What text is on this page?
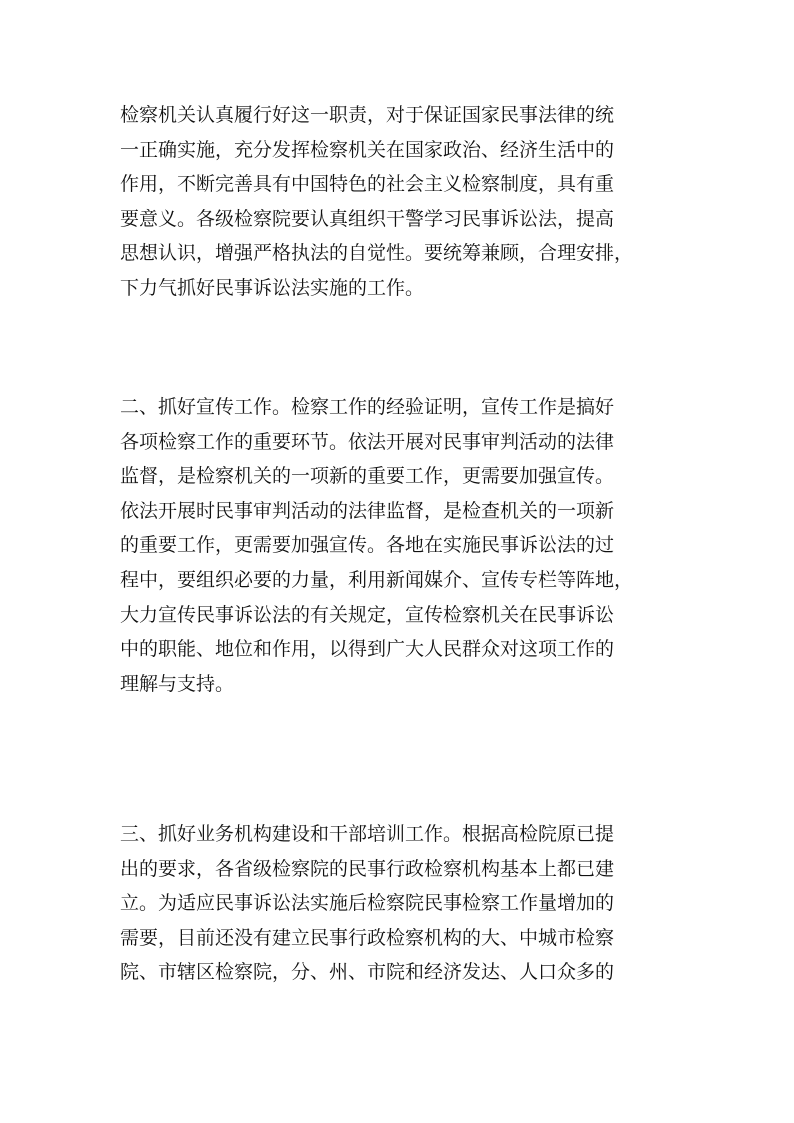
检察机关认真履行好这一职责，对于保证国家民事法律的统
一正确实施，充分发挥检察机关在国家政治、经济生活中的
作用，不断完善具有中国特色的社会主义检察制度，具有重
要意义。各级检察院要认真组织干警学习民事诉讼法，提高
思想认识，增强严格执法的自觉性。要统筹兼顾，合理安排，
下力气抓好民事诉讼法实施的工作。
二、抓好宣传工作。检察工作的经验证明，宣传工作是搞好
各项检察工作的重要环节。依法开展对民事审判活动的法律
监督，是检察机关的一项新的重要工作，更需要加强宣传。
依法开展时民事审判活动的法律监督，是检查机关的一项新
的重要工作，更需要加强宣传。各地在实施民事诉讼法的过
程中，要组织必要的力量，利用新闻媒介、宣传专栏等阵地，
大力宣传民事诉讼法的有关规定，宣传检察机关在民事诉讼
中的职能、地位和作用，以得到广大人民群众对这项工作的
理解与支持。
三、抓好业务机构建设和干部培训工作。根据高检院原已提
出的要求，各省级检察院的民事行政检察机构基本上都已建
立。为适应民事诉讼法实施后检察院民事检察工作量增加的
需要，目前还没有建立民事行政检察机构的大、中城市检察
院、市辖区检察院，分、州、市院和经济发达、人口众多的
